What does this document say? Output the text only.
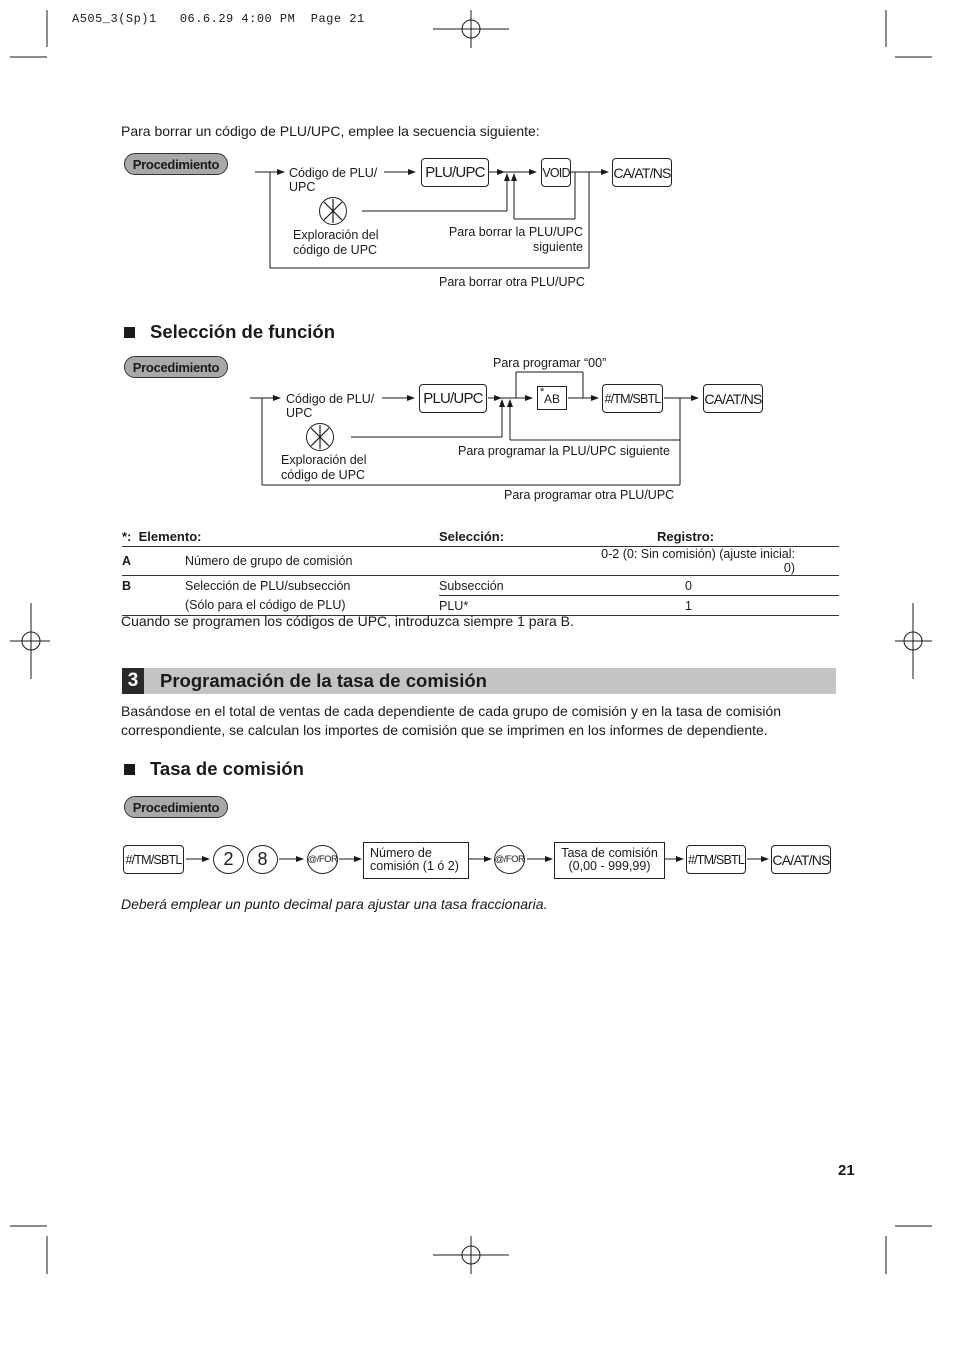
A505_3(Sp)1   06.6.29 4:00 PM  Page 21
Para borrar un código de PLU/UPC, emplee la secuencia siguiente:
Procedimiento
Código de PLU/
UPC
Exploración del
código de UPC
PLU/UPC	VOID	CA/AT/NS
Para borrar la PLU/UPC
siguiente
Para borrar otra PLU/UPC
Selección de función
Procedimiento	Para programar “00”
Código de PLU/
UPC
Exploración del
código de UPC
PLU/UPC	* AB	#/TM/SBTL	CA/AT/NS
Para programar la PLU/UPC siguiente
Para programar otra PLU/UPC
*: Elemento:		Selección:	Registro:
A	Número de grupo de comisión		0-2 (0: Sin comisión) (ajuste inicial: 0)
B	Selección de PLU/subsección	Subsección	0
	(Sólo para el código de PLU)	PLU*	1
Cuando se programen los códigos de UPC, introduzca siempre 1 para B.
3	Programación de la tasa de comisión
Basándose en el total de ventas de cada dependiente de cada grupo de comisión y en la tasa de comisión correspondiente, se calculan los importes de comisión que se imprimen en los informes de dependiente.
Tasa de comisión
Procedimiento
#/TM/SBTL	2	8	@/FOR	Número de
comisión (1 ó 2)	@/FOR	Tasa de comisión
(0,00 - 999,99)	#/TM/SBTL CA/AT/NS
Deberá emplear un punto decimal para ajustar una tasa fraccionaria.
21
